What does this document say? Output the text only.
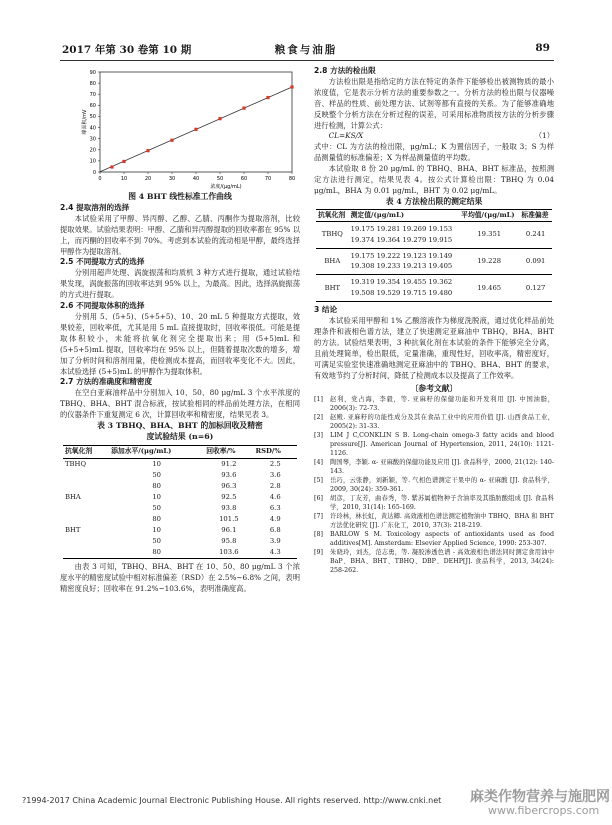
2017 年第 30 卷第 10 期	粮食与油脂	89
0	10	20	30	40	50	60	70	80
0
10
20
30
40
50
60
70
80
90
浓度/(μg/mL)
峰面积/mV

图 4 BHT 线性标准工作曲线

2.4 提取溶剂的选择

本试验采用了甲醇、异丙醇、乙醇、乙腈、丙酮作为提取溶剂，比较提取效果。试验结果表明：甲醇、乙腈和异丙醇提取的回收率都在 95% 以上，而丙酮的回收率不到 70%。考虑到本试验的流动相是甲醇，最终选择甲醇作为提取溶剂。

2.5 不同提取方式的选择

分别用超声处理、涡旋振荡和均质机 3 种方式进行提取，通过试验结果发现，涡旋振荡的回收率达到 95% 以上，为最高。因此，选择涡旋振荡的方式进行提取。

2.6 不同提取体积的选择

分别用 5、(5+5)、(5+5+5)、10、20 mL 5 种提取方式提取，效果较差，回收率低，尤其是用 5 mL 直接提取时，回收率很低。可能是提取体积较小，未能将抗氧化剂完全提取出来；用 (5+5)mL 和 (5+5+5)mL 提取，回收率均在 95% 以上，但随着提取次数的增多，增加了分析时间和溶剂用量，使检测成本提高，而回收率变化不大。因此，本试验选择 (5+5)mL 的甲醇作为提取体积。

2.7 方法的准确度和精密度

在空白亚麻油样品中分别加入 10、50、80 μg/mL 3 个水平浓度的 TBHQ、BHA、BHT 混合标液，按试验相同的样品前处理方法，在相同的仪器条件下重复测定 6 次，计算回收率和精密度，结果见表 3。

表 3 TBHQ、BHA、BHT 的加标回收及精密

度试验结果 (n=6)

抗氧化剂	添加水平/(μg/mL)	回收率/%	RSD/%
TBHQ	10	91.2	2.5
	50	93.6	3.6
	80	96.3	2.8
BHA	10	92.5	4.6
	50	93.8	6.3
	80	101.5	4.9
BHT	10	96.1	6.8
	50	95.8	3.9
	80	103.6	4.3

由表 3 可知，TBHQ、BHA、BHT 在 10、50、80 μg/mL 3 个浓度水平的精密度试验中相对标准偏差（RSD）在 2.5%~6.8% 之间，表明精密度良好；回收率在 91.2%~103.6%，表明准确度高。

2.8 方法的检出限

方法检出限是指给定的方法在特定的条件下能够检出被测物质的最小浓度值，它是表示分析方法的重要参数之一。分析方法的检出限与仪器噪音、样品的性质、前处理方法、试剂等都有直接的关系。为了能够准确地反映整个分析方法在分析过程的误差，可采用标准物质按方法的分析步骤进行检测，计算公式：

CL=KS/X	（1）

式中：CL 为方法的检出限，μg/mL；K 为置信因子，一般取 3；S 为样品测量值的标准偏差；X 为样品测量值的平均数。

本试验取 8 份 20 μg/mL 的 TBHQ、BHA、BHT 标准品，按照测定方法进行测定，结果见表 4。按公式计算检出限：TBHQ 为 0.04 μg/mL，BHA 为 0.01 μg/mL，BHT 为 0.02 μg/mL。

表 4 方法检出限的测定结果

抗氧化剂	测定值/(μg/mL)	平均值/(μg/mL)	标准偏差
TBHQ	19.175 19.281 19.269 19.153
19.374 19.364 19.279 19.915	19.351	0.241
BHA	19.175 19.222 19.123 19.149
19.308 19.233 19.213 19.405	19.228	0.091
BHT	19.319 19.354 19.455 19.362
19.508 19.529 19.715 19.480	19.465	0.127

3 结论

本试验采用甲醇和 1% 乙酸溶液作为梯度洗脱液，通过优化样品前处理条件和液相色谱方法，建立了快速测定亚麻油中 TBHQ、BHA、BHT 的方法。试验结果表明，3 种抗氧化剂在本试验的条件下能够完全分离，且前处理简单，检出限低，定量准确，重现性好，回收率高，精密度好，可满足实验室快速准确地测定亚麻油中的 TBHQ、BHA、BHT 的要求，有效地节约了分析时间，降低了检测成本以及提高了工作效率。

〔参考文献〕

[1]	赵利，党占海，李毅，等. 亚麻籽的保健功能和开发利用 [J]. 中国油脂，2006(3): 72-73.
[2]	赵殿. 亚麻籽的功能性成分及其在食品工业中的应用价值 [J]. 山西食品工业，2005(2): 31-33.
[3]	LIM J C,CONKLIN S B. Long-chain omega-3 fatty acids and blood pressure[J]. American Journal of Hypertension, 2011, 24(10): 1121-1126.
[4]	陶国琴，李颖. α- 亚麻酸的保健功能及应用 [J]. 食品科学，2000, 21(12): 140-143.
[5]	岳巧，云张静，刘新颖，等. 气相色谱测定干果中的 α- 亚麻酸 [J]. 食品科学，2009, 30(24): 359-361.
[6]	胡彦，丁友芳，曲春秀，等. 紫苏属植物种子含油率及其脂肪酸组成 [J]. 食品科学，2010, 31(14): 165-169.
[7]	许玲林，林长虹，黄达卿. 高效液相色谱法测定植物油中 TBHQ、BHA 和 BHT 方法优化研究 [J]. 广东化工，2010, 37(3): 218-219.
[8]	BARLOW S M. Toxicology aspects of antioxidants used as food additives[M]. Amsterdam: Elsevier Applied Science, 1990: 253-307.
[9]	朱晓玲，刘杰，范志勇，等. 凝胶渗透色谱 - 高效液相色谱法同时测定食用油中 BaP、BHA、BHT、TBHQ、DBP、DEHP[J]. 食品科学，2013, 34(24): 258-262.
?1994-2017 China Academic Journal Electronic Publishing House. All rights reserved. http://www.cnki.net 麻类作物营养与施肥网
www.fibercrops.com
